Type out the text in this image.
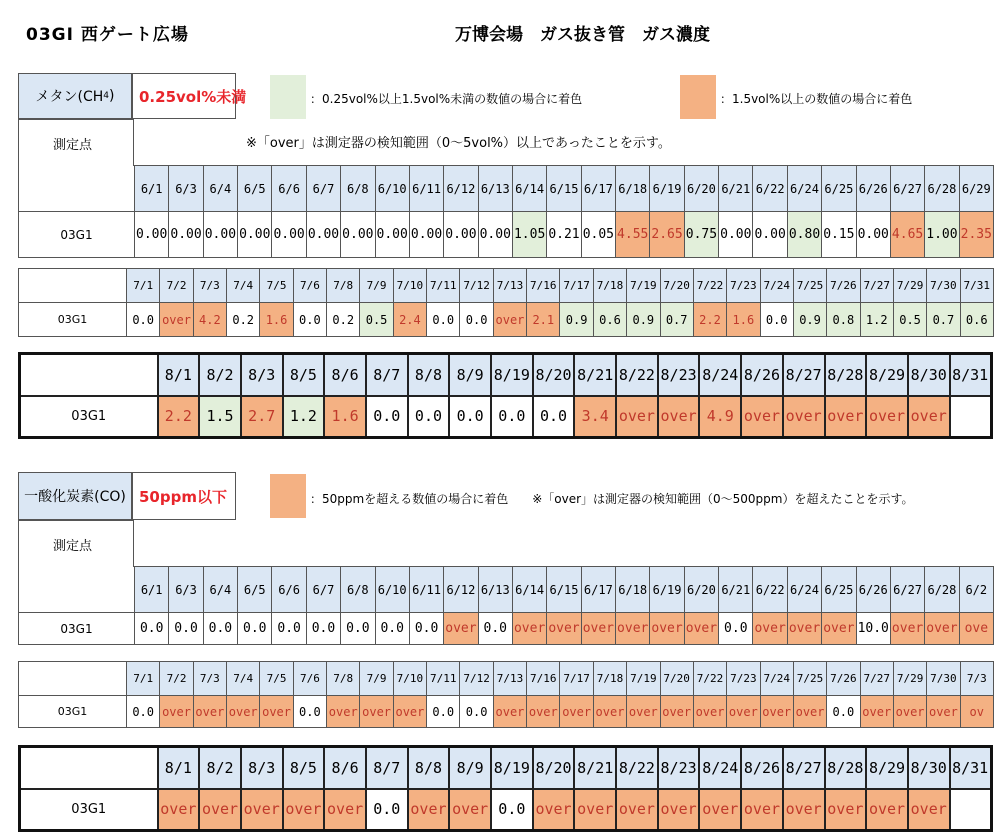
03GⅠ 西ゲート広場	万博会場　ガス抜き管　ガス濃度
メタン(CH 4 )	0.25vol%未満	：0.25vol%以上1.5vol%未満の数値の場合に着色	：1.5vol%以上の数値の場合に着色
測定点	※「over」は測定器の検知範囲（0～5vol%）以上であったことを示す。
	6/1	6/3	6/4	6/5	6/6	6/7	6/8	6/10	6/11	6/12	6/13	6/14	6/15	6/17	6/18	6/19	6/20	6/21	6/22	6/24	6/25	6/26	6/27	6/28	6/29
03G1	0.00	0.00	0.00	0.00	0.00	0.00	0.00	0.00	0.00	0.00	0.00	1.05	0.21	0.05	4.55	2.65	0.75	0.00	0.00	0.80	0.15	0.00	4.65	1.00	2.35
	7/1	7/2	7/3	7/4	7/5	7/6	7/8	7/9	7/10	7/11	7/12	7/13	7/16	7/17	7/18	7/19	7/20	7/22	7/23	7/24	7/25	7/26	7/27	7/29	7/30	7/31
03G1	0.0	over	4.2	0.2	1.6	0.0	0.2	0.5	2.4	0.0	0.0	over	2.1	0.9	0.6	0.9	0.7	2.2	1.6	0.0	0.9	0.8	1.2	0.5	0.7	0.6
	8/1	8/2	8/3	8/5	8/6	8/7	8/8	8/9	8/19	8/20	8/21	8/22	8/23	8/24	8/26	8/27	8/28	8/29	8/30	8/31
03G1	2.2	1.5	2.7	1.2	1.6	0.0	0.0	0.0	0.0	0.0	3.4	over	over	4.9	over	over	over	over	over	
一酸化炭素(CO) 50ppm以下	：50ppmを超える数値の場合に着色　　※「over」は測定器の検知範囲（0～500ppm）を超えたことを示す。
測定点
	6/1	6/3	6/4	6/5	6/6	6/7	6/8	6/10	6/11	6/12	6/13	6/14	6/15	6/17	6/18	6/19	6/20	6/21	6/22	6/24	6/25	6/26	6/27	6/28	6/2
03G1	0.0	0.0	0.0	0.0	0.0	0.0	0.0	0.0	0.0	over	0.0	over	over	over	over	over	over	0.0	over	over	over	10.0	over	over	ove
	7/1	7/2	7/3	7/4	7/5	7/6	7/8	7/9	7/10	7/11	7/12	7/13	7/16	7/17	7/18	7/19	7/20	7/22	7/23	7/24	7/25	7/26	7/27	7/29	7/30	7/3
03G1	0.0	over	over	over	over	0.0	over	over	over	0.0	0.0	over	over	over	over	over	over	over	over	over	over	0.0	over	over	over	ov
	8/1	8/2	8/3	8/5	8/6	8/7	8/8	8/9	8/19	8/20	8/21	8/22	8/23	8/24	8/26	8/27	8/28	8/29	8/30	8/31
03G1	over	over	over	over	over	0.0	over	over	0.0	over	over	over	over	over	over	over	over	over	over	
